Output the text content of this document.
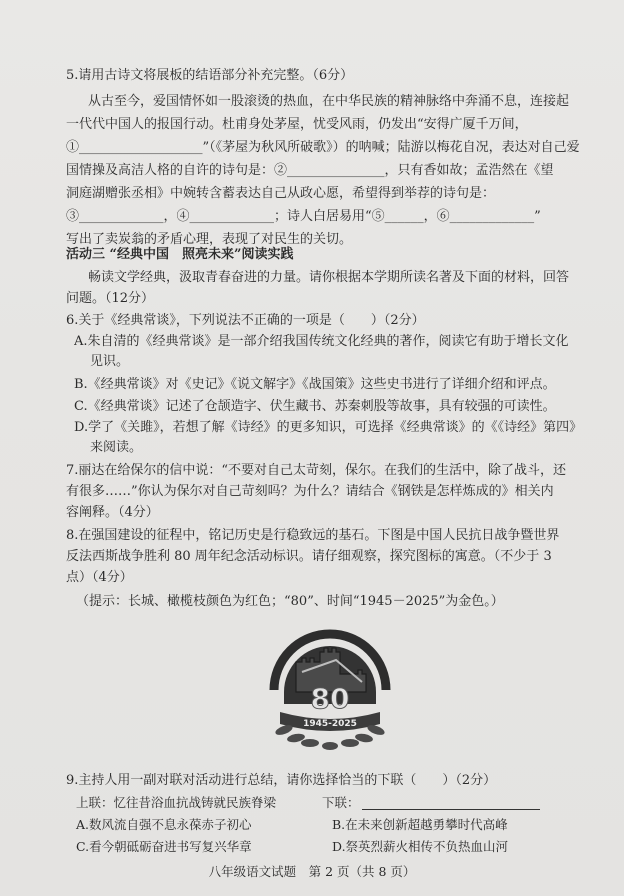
5.请用古诗文将展板的结语部分补充完整。（6分）
从古至今，爱国情怀如一股滚烫的热血，在中华民族的精神脉络中奔涌不息，连接起
一代代中国人的报国行动。杜甫身处茅屋，忧受风雨，仍发出“安得广厦千万间，
①___________________”（《茅屋为秋风所破歌》）的呐喊；陆游以梅花自况，表达对自己爱
国情操及高洁人格的自许的诗句是：②_______________，只有香如故；孟浩然在《望
洞庭湖赠张丞相》中婉转含蓄表达自己从政心愿，希望得到举荐的诗句是：
③_____________，④_____________；诗人白居易用“⑤______，⑥_____________”
写出了卖炭翁的矛盾心理，表现了对民生的关切。
活动三 “经典中国　照亮未来”阅读实践
畅读文学经典，汲取青春奋进的力量。请你根据本学期所读名著及下面的材料，回答
问题。（12分）
6.关于《经典常谈》，下列说法不正确的一项是（　　）（2分）
A.朱自清的《经典常谈》是一部介绍我国传统文化经典的著作，阅读它有助于增长文化
见识。
B.《经典常谈》对《史记》《说文解字》《战国策》这些史书进行了详细介绍和评点。
C.《经典常谈》记述了仓颉造字、伏生藏书、苏秦刺股等故事，具有较强的可读性。
D.学了《关雎》，若想了解《诗经》的更多知识，可选择《经典常谈》的《《诗经》第四》
来阅读。
7.丽达在给保尔的信中说：“不要对自己太苛刻，保尔。在我们的生活中，除了战斗，还
有很多……”你认为保尔对自己苛刻吗？为什么？请结合《钢铁是怎样炼成的》相关内
容阐释。（4分）
8.在强国建设的征程中，铭记历史是行稳致远的基石。下图是中国人民抗日战争暨世界
反法西斯战争胜利 80 周年纪念活动标识。请仔细观察，探究图标的寓意。（不少于 3
点）（4分）
（提示：长城、橄榄枝颜色为红色；“80”、时间“1945－2025”为金色。）
80
1945-2025
9.主持人用一副对联对活动进行总结，请你选择恰当的下联（　　）（2分）
上联：忆往昔浴血抗战铸就民族脊梁	下联：
A.数风流自强不息永葆赤子初心	B.在未来创新超越勇攀时代高峰
C.看今朝砥砺奋进书写复兴华章	D.祭英烈薪火相传不负热血山河
八年级语文试题　第 2 页（共 8 页）
